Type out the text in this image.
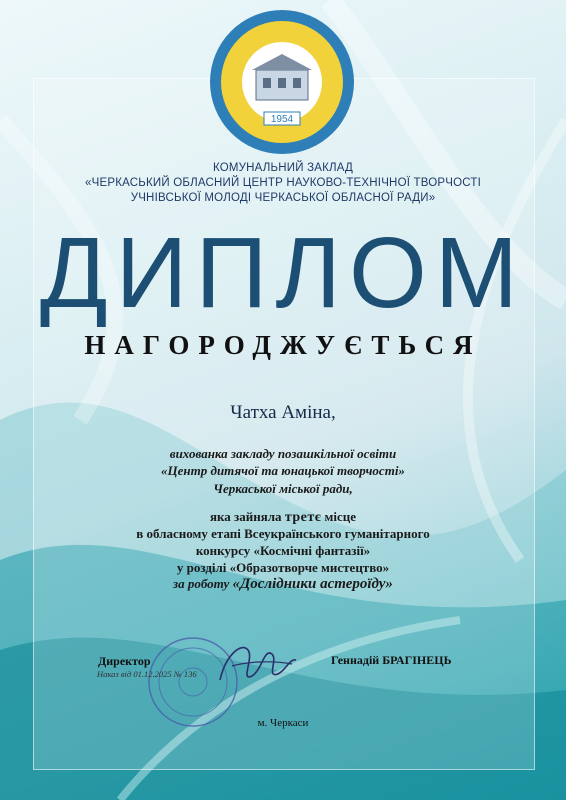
1954
КОМУНАЛЬНИЙ ЗАКЛАД
«ЧЕРКАСЬКИЙ ОБЛАСНИЙ ЦЕНТР НАУКОВО-ТЕХНІЧНОЇ ТВОРЧОСТІ
УЧНІВСЬКОЇ МОЛОДІ ЧЕРКАСЬКОЇ ОБЛАСНОЇ РАДИ»
ДИПЛОМ
НАГОРОДЖУЄТЬСЯ
Чатха Аміна,
вихованка закладу позашкільної освіти
«Центр дитячої та юнацької творчості»
Черкаської міської ради,
яка зайняла третє місце
в обласному етапі Всеукраїнського гуманітарного
конкурсу «Космічні фантазії»
у розділі «Образотворче мистецтво»
за роботу «Дослідники астероїду»
Директор
Наказ від 01.12.2025 № 136
Геннадій БРАГІНЕЦЬ
м. Черкаси
